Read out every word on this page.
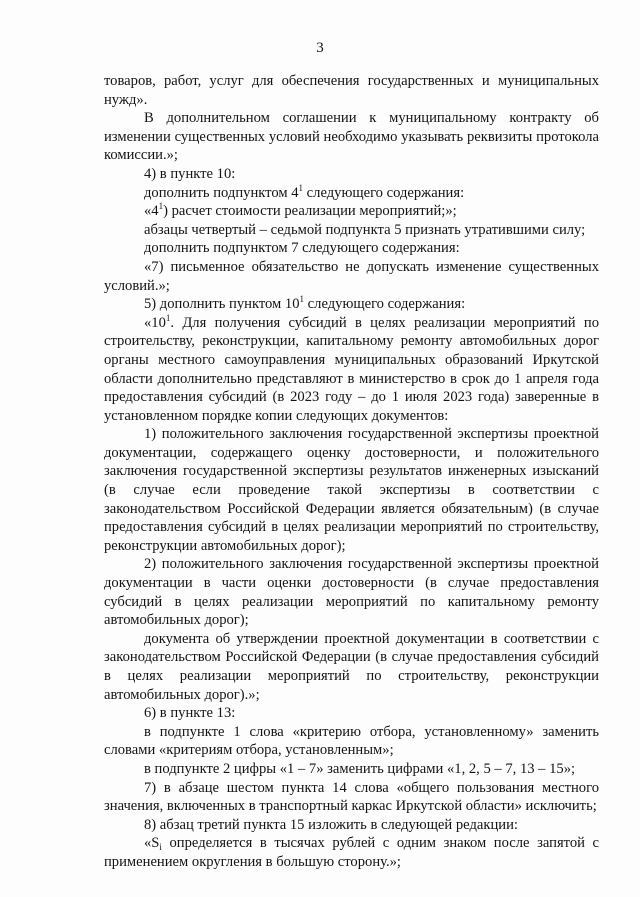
3

товаров, работ, услуг для обеспечения государственных и муниципальных нужд».

В дополнительном соглашении к муниципальному контракту об изменении существенных условий необходимо указывать реквизиты протокола комиссии.»;

4) в пункте 10:

дополнить подпунктом $4^1$ следующего содержания:

«$4^1$) расчет стоимости реализации мероприятий;»;

абзацы четвертый – седьмой подпункта 5 признать утратившими силу;

дополнить подпунктом 7 следующего содержания:

«7) письменное обязательство не допускать изменение существенных условий.»;

5) дополнить пунктом $10^1$ следующего содержания:

«$10^1$. Для получения субсидий в целях реализации мероприятий по строительству, реконструкции, капитальному ремонту автомобильных дорог органы местного самоуправления муниципальных образований Иркутской области дополнительно представляют в министерство в срок до 1 апреля года предоставления субсидий (в 2023 году – до 1 июля 2023 года) заверенные в установленном порядке копии следующих документов:

1) положительного заключения государственной экспертизы проектной документации, содержащего оценку достоверности, и положительного заключения государственной экспертизы результатов инженерных изысканий (в случае если проведение такой экспертизы в соответствии с законодательством Российской Федерации является обязательным) (в случае предоставления субсидий в целях реализации мероприятий по строительству, реконструкции автомобильных дорог);

2) положительного заключения государственной экспертизы проектной документации в части оценки достоверности (в случае предоставления субсидий в целях реализации мероприятий по капитальному ремонту автомобильных дорог);

документа об утверждении проектной документации в соответствии с законодательством Российской Федерации (в случае предоставления субсидий в целях реализации мероприятий по строительству, реконструкции автомобильных дорог).»;

6) в пункте 13:

в подпункте 1 слова «критерию отбора, установленному» заменить словами «критериям отбора, установленным»;

в подпункте 2 цифры «1 – 7» заменить цифрами «1, 2, 5 – 7, 13 – 15»;

7) в абзаце шестом пункта 14 слова «общего пользования местного значения, включенных в транспортный каркас Иркутской области» исключить;

8) абзац третий пункта 15 изложить в следующей редакции:

«$S_i$ определяется в тысячах рублей с одним знаком после запятой с применением округления в большую сторону.»;
